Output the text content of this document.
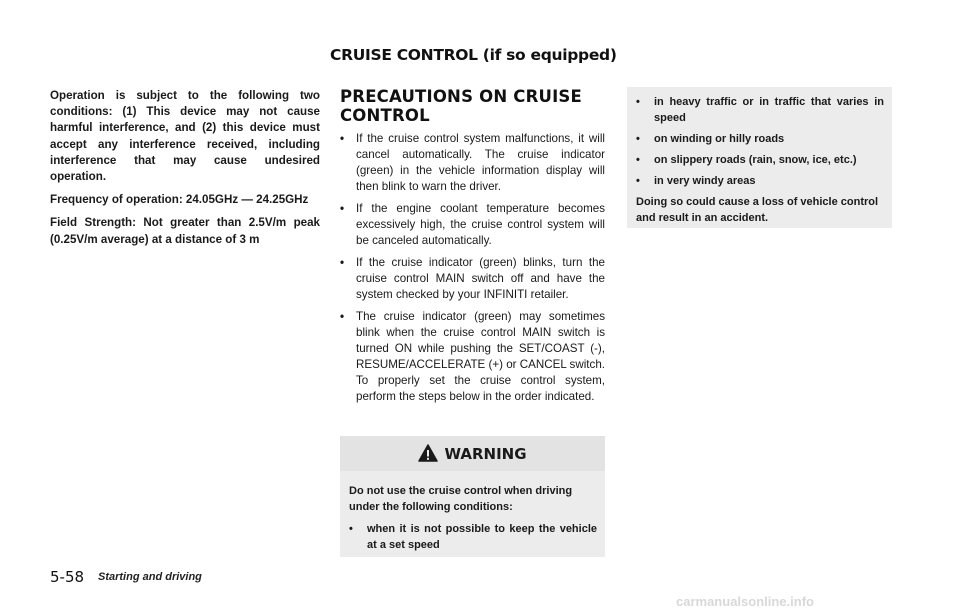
CRUISE CONTROL (if so equipped)

Operation is subject to the following two conditions: (1) This device may not cause harmful interference, and (2) this device must accept any interference received, including interference that may cause undesired operation.

Frequency of operation: 24.05GHz — 24.25GHz

Field Strength: Not greater than 2.5V/m peak (0.25V/m average) at a distance of 3 m

PRECAUTIONS ON CRUISE CONTROL
• If the cruise control system malfunctions, it will cancel automatically. The cruise indicator (green) in the vehicle information display will then blink to warn the driver.
• If the engine coolant temperature becomes excessively high, the cruise control system will be canceled automatically.
• If the cruise indicator (green) blinks, turn the cruise control MAIN switch off and have the system checked by your INFINITI retailer.
• The cruise indicator (green) may sometimes blink when the cruise control MAIN switch is turned ON while pushing the SET/COAST (-), RESUME/ACCELERATE (+) or CANCEL switch. To properly set the cruise control system, perform the steps below in the order indicated.
WARNING

Do not use the cruise control when driving under the following conditions:

• when it is not possible to keep the vehicle at a set speed
• in heavy traffic or in traffic that varies in speed
• on winding or hilly roads
• on slippery roads (rain, snow, ice, etc.)
• in very windy areas

Doing so could cause a loss of vehicle control and result in an accident.

5-58 Starting and driving
carmanualsonline.info
